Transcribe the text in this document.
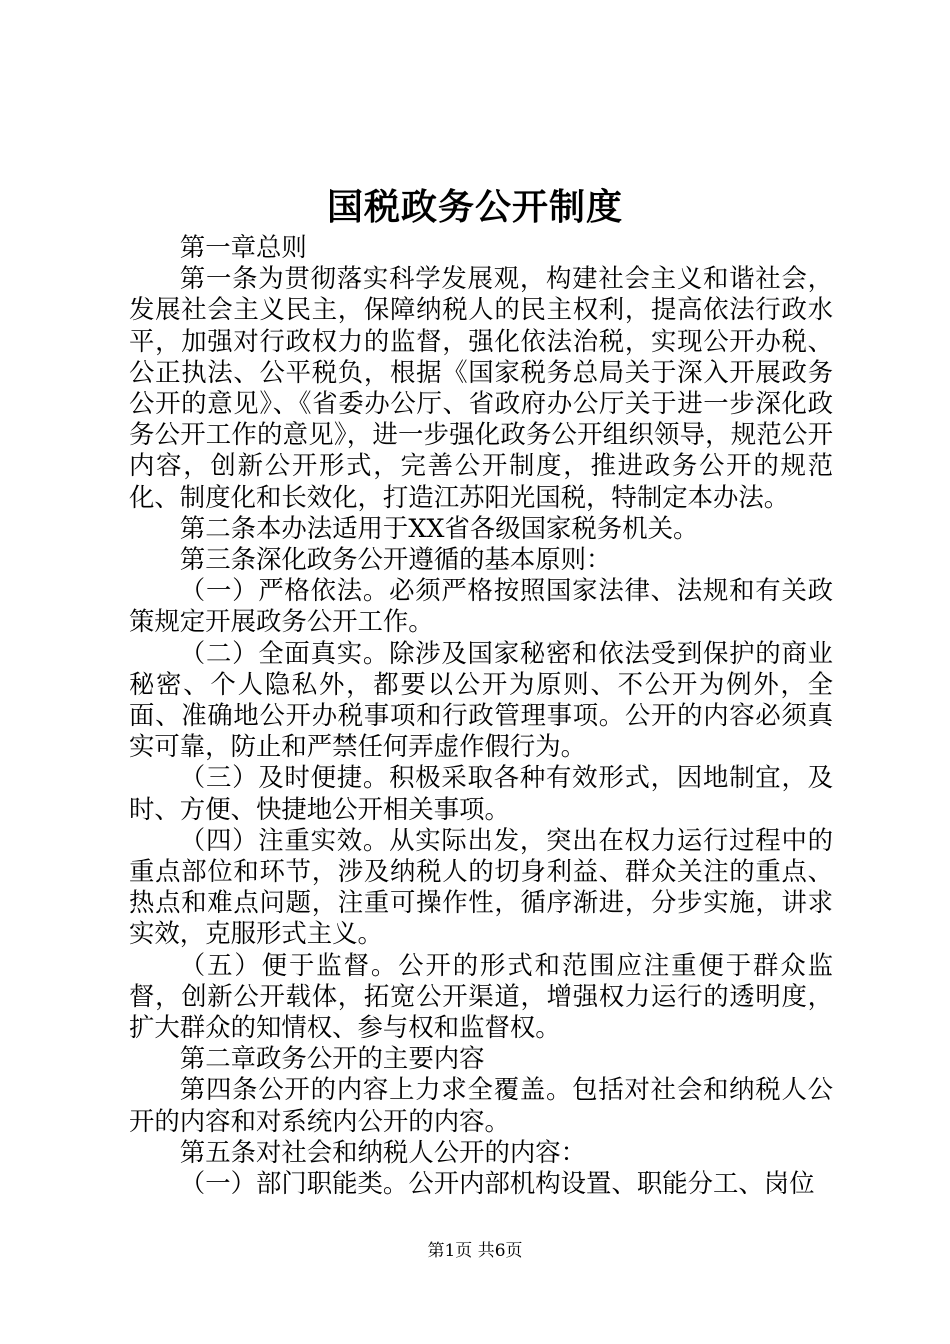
国税政务公开制度

第一章总则

第一条为贯彻落实科学发展观，构建社会主义和谐社会，发展社会主义民主，保障纳税人的民主权利，提高依法行政水平，加强对行政权力的监督，强化依法治税，实现公开办税、公正执法、公平税负，根据《国家税务总局关于深入开展政务公开的意见》、《省委办公厅、省政府办公厅关于进一步深化政务公开工作的意见》，进一步强化政务公开组织领导，规范公开内容，创新公开形式，完善公开制度，推进政务公开的规范化、制度化和长效化，打造江苏阳光国税，特制定本办法。

第二条本办法适用于XX省各级国家税务机关。

第三条深化政务公开遵循的基本原则：

（一）严格依法。必须严格按照国家法律、法规和有关政策规定开展政务公开工作。

（二）全面真实。除涉及国家秘密和依法受到保护的商业秘密、个人隐私外，都要以公开为原则、不公开为例外，全面、准确地公开办税事项和行政管理事项。公开的内容必须真实可靠，防止和严禁任何弄虚作假行为。

（三）及时便捷。积极采取各种有效形式，因地制宜，及时、方便、快捷地公开相关事项。

（四）注重实效。从实际出发，突出在权力运行过程中的重点部位和环节，涉及纳税人的切身利益、群众关注的重点、热点和难点问题，注重可操作性，循序渐进，分步实施，讲求实效，克服形式主义。

（五）便于监督。公开的形式和范围应注重便于群众监督，创新公开载体，拓宽公开渠道，增强权力运行的透明度，扩大群众的知情权、参与权和监督权。

第二章政务公开的主要内容

第四条公开的内容上力求全覆盖。包括对社会和纳税人公开的内容和对系统内公开的内容。

第五条对社会和纳税人公开的内容：

（一）部门职能类。公开内部机构设置、职能分工、岗位

第1页 共6页
